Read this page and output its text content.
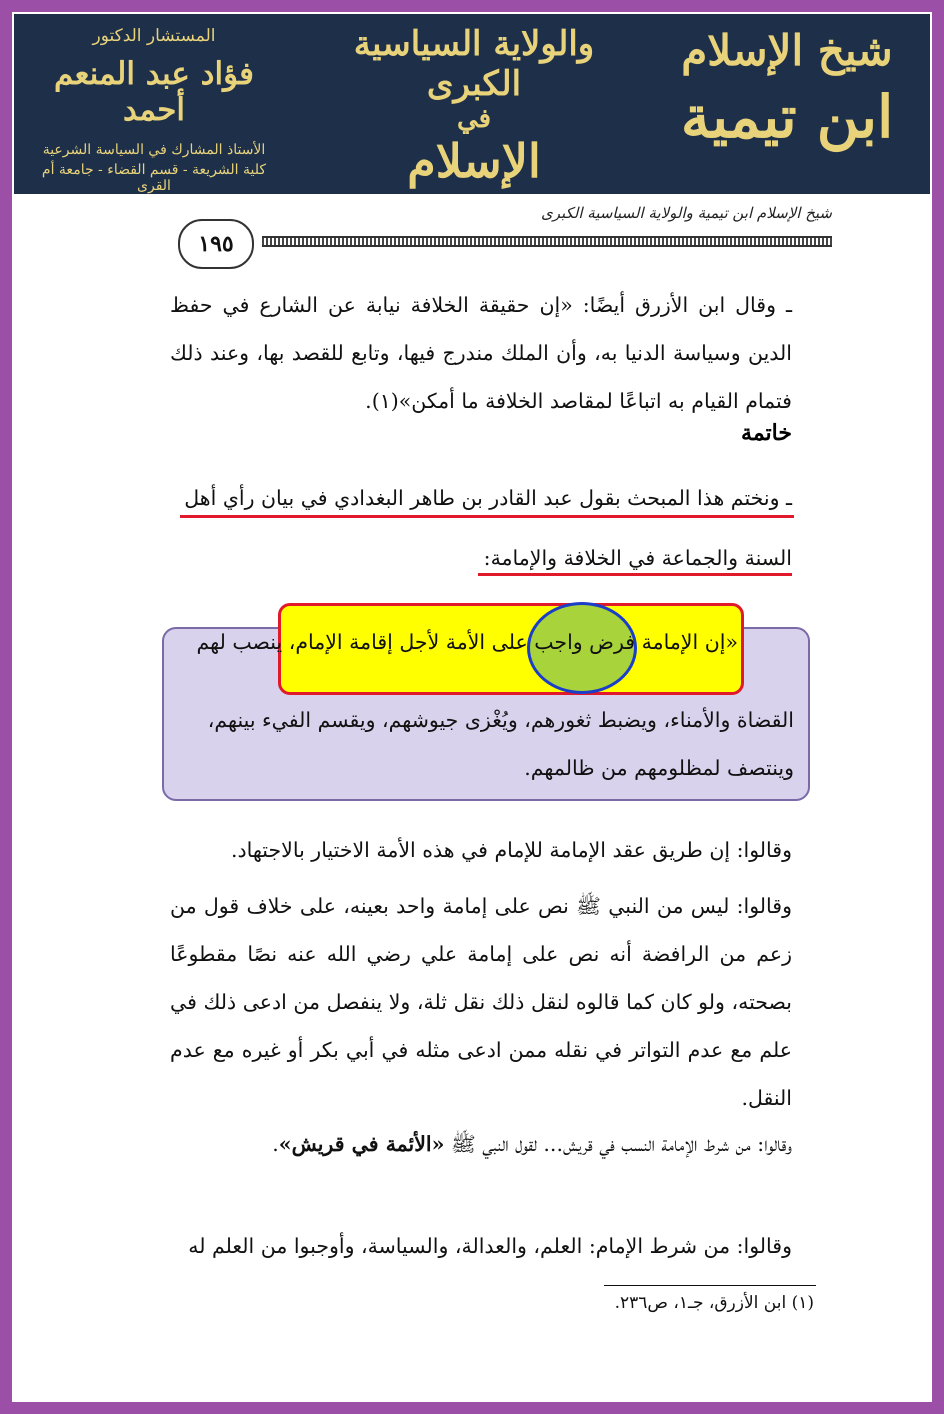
المستشار الدكتور
فؤاد عبد المنعم أحمد
الأستاذ المشارك في السياسة الشرعية
كلية الشريعة - قسم القضاء - جامعة أم القرى
والولاية السياسية الكبرى
في
الإسلام
شيخ الإسلام
ابن تيمية
شيخ الإسلام ابن تيمية والولاية السياسية الكبرى
١٩٥
ـ وقال ابن الأزرق أيضًا: «إن حقيقة الخلافة نيابة عن الشارع في حفظ الدين وسياسة الدنيا به، وأن الملك مندرج فيها، وتابع للقصد بها، وعند ذلك فتمام القيام به اتباعًا لمقاصد الخلافة ما أمكن»(١).
خاتمة
ـ ونختم هذا المبحث بقول عبد القادر بن طاهر البغدادي في بيان رأي أهل
السنة والجماعة في الخلافة والإمامة:
«إن الإمامة فرض واجب على الأمة لأجل إقامة الإمام، ينصب لهم
القضاة والأمناء، ويضبط ثغورهم، ويُغْزى جيوشهم، ويقسم الفيء بينهم،
وينتصف لمظلومهم من ظالمهم.
وقالوا: إن طريق عقد الإمامة للإمام في هذه الأمة الاختيار بالاجتهاد.
وقالوا: ليس من النبي ﷺ نص على إمامة واحد بعينه، على خلاف قول من زعم من الرافضة أنه نص على إمامة علي رضي الله عنه نصًا مقطوعًا بصحته، ولو كان كما قالوه لنقل ذلك نقل ثلة، ولا ينفصل من ادعى ذلك في علم مع عدم التواتر في نقله ممن ادعى مثله في أبي بكر أو غيره مع عدم النقل.
وقالوا: من شرط الإمامة النسب في قريش... لقول النبي ﷺ «الأئمة في قريش».
وقالوا: من شرط الإمام: العلم، والعدالة، والسياسة، وأوجبوا من العلم له
(١) ابن الأزرق، جـ١، ص٢٣٦.
